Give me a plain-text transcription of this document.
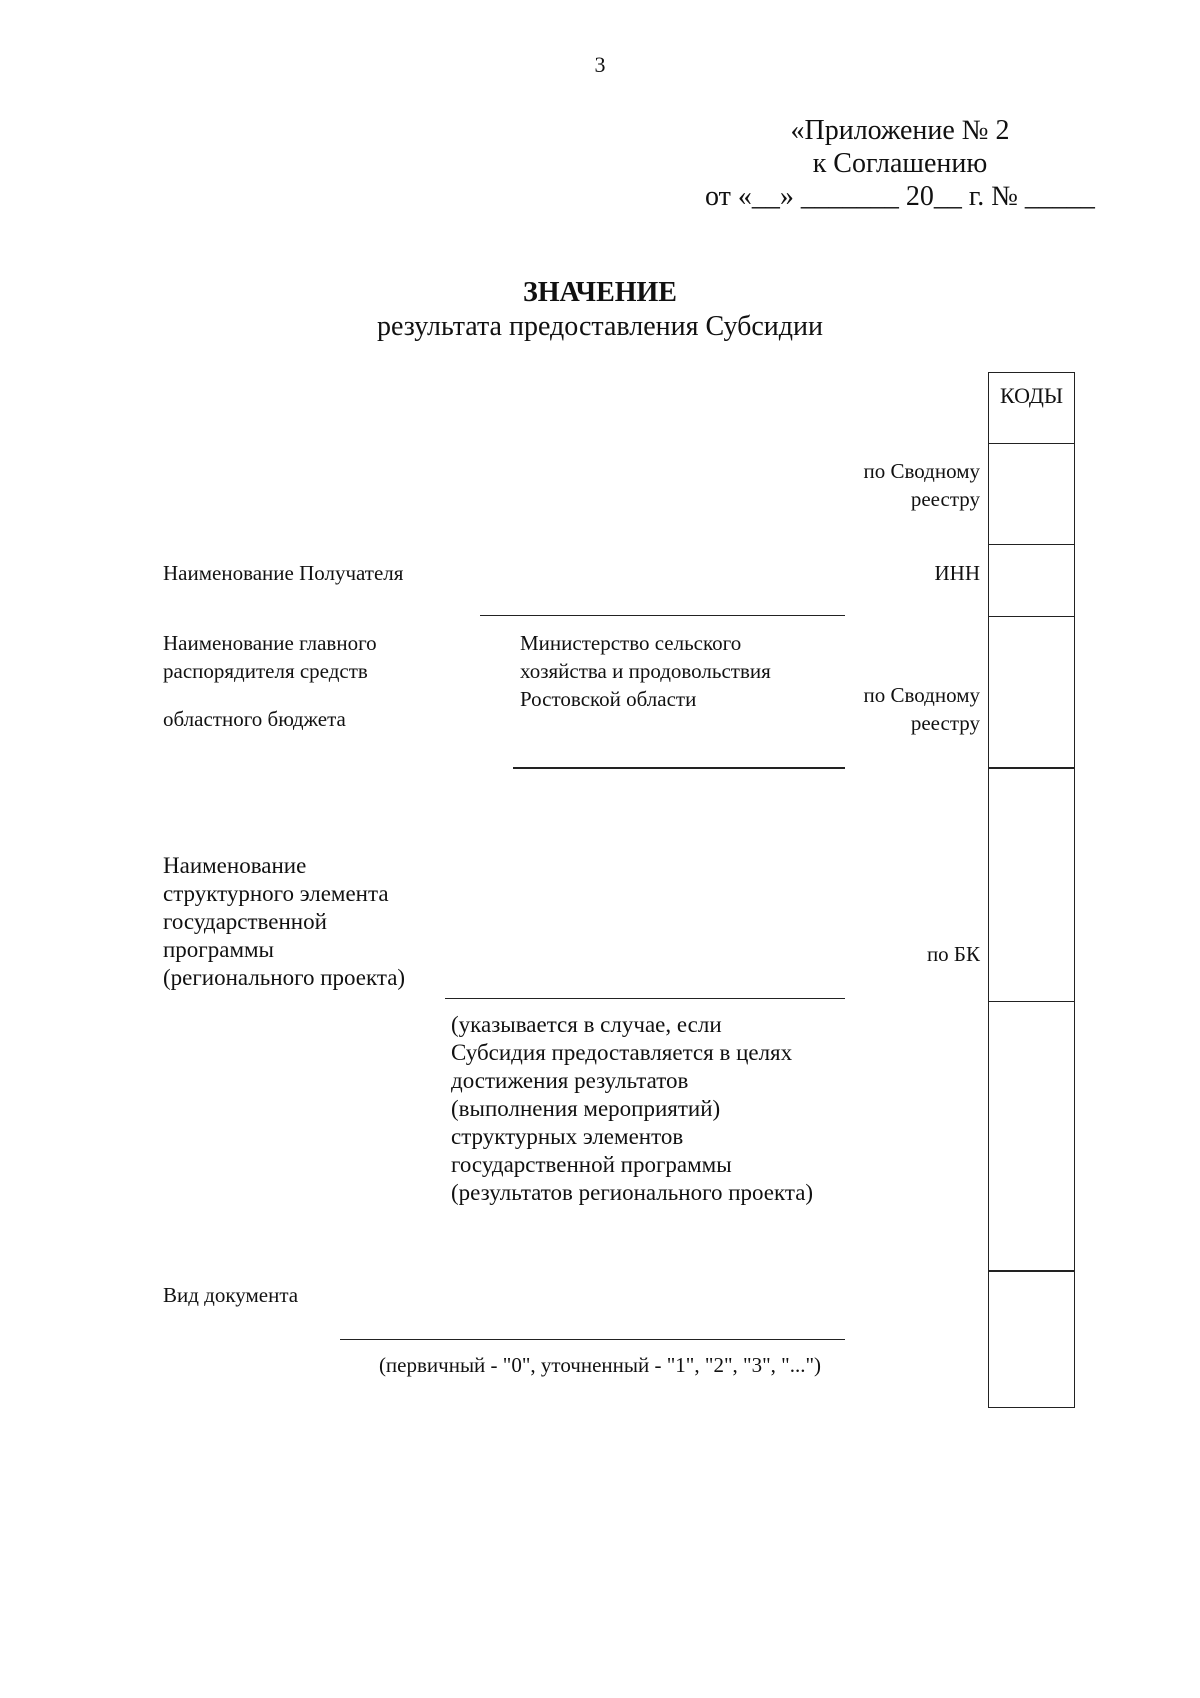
3
«Приложение № 2
к Соглашению
от «__» _______ 20__ г. № _____
ЗНАЧЕНИЕ
результата предоставления Субсидии
КОДЫ
по Сводному
реестру
ИНН
по Сводному
реестру
по БК
Наименование Получателя
Наименование главного
распорядителя средств
областного бюджета
Наименование
структурного элемента
государственной
программы
(регионального проекта)
Вид документа
Министерство сельского
хозяйства и продовольствия
Ростовской области
(указывается в случае, если
Субсидия предоставляется в целях
достижения результатов
(выполнения мероприятий)
структурных элементов
государственной программы
(результатов регионального проекта)
(первичный - "0", уточненный - "1", "2", "3", "...")
